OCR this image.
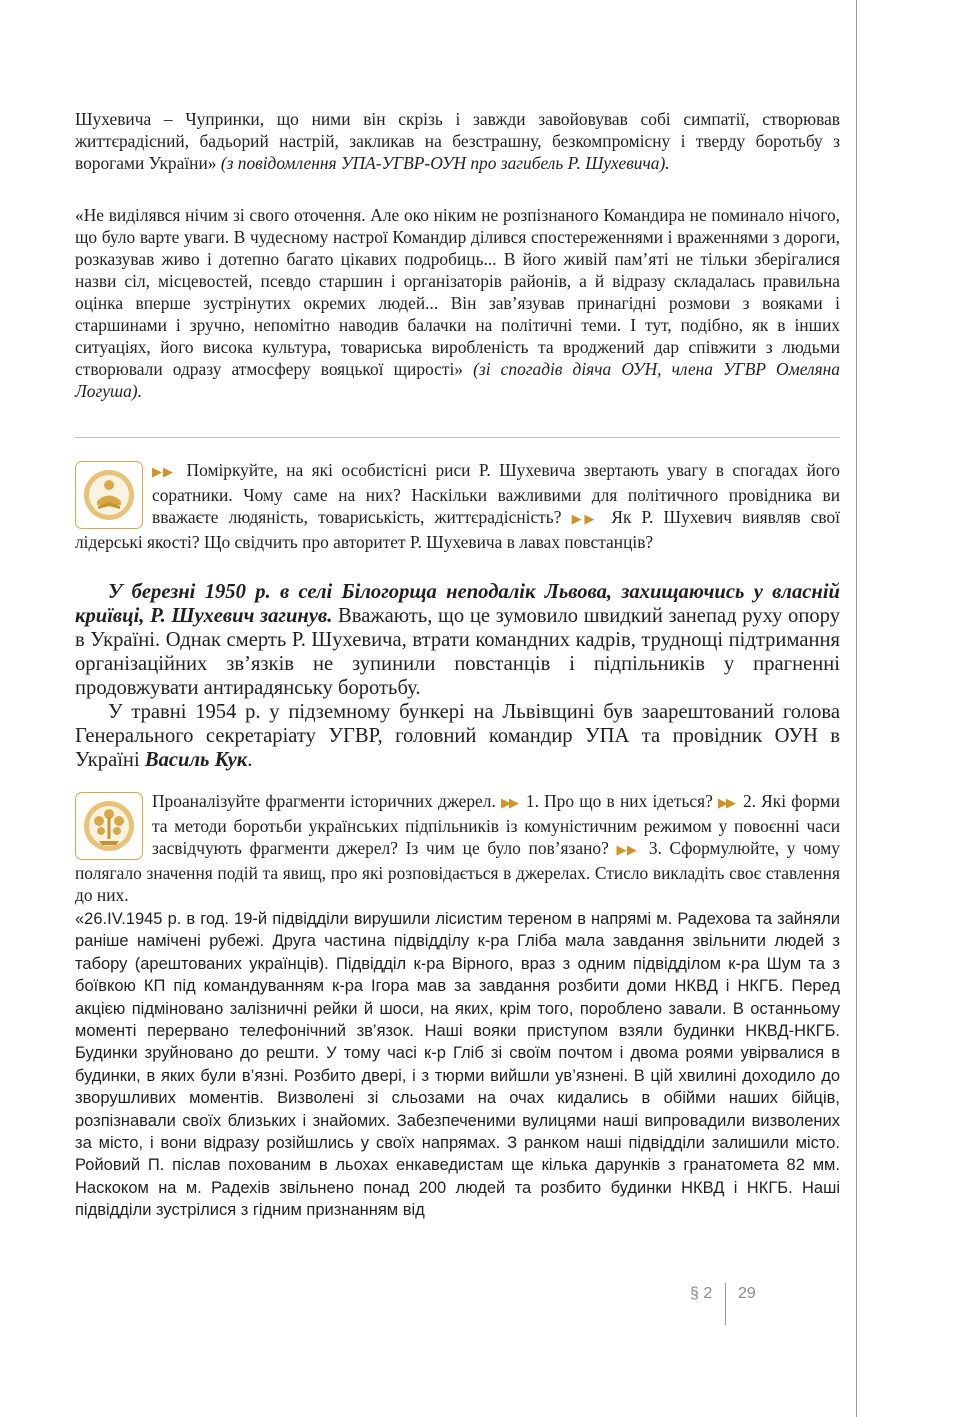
Шухевича – Чупринки, що ними він скрізь і завжди завойовував собі симпатії, створював життєрадісний, бадьорий настрій, закликав на безстрашну, безкомпромісну і тверду боротьбу з ворогами України» (з повідомлення УПА-УГВР-ОУН про загибель Р. Шухевича).
«Не виділявся нічим зі свого оточення. Але око ніким не розпізнаного Командира не поминало нічого, що було варте уваги. В чудесному настрої Командир ділився спостереженнями і враженнями з дороги, розказував живо і дотепно багато цікавих подробиць... В його живій пам’яті не тільки зберігалися назви сіл, місцевостей, псевдо старшин і організаторів районів, а й відразу складалась правильна оцінка вперше зустрінутих окремих людей... Він зав’язував принагідні розмови з вояками і старшинами і зручно, непомітно наводив балачки на політичні теми. І тут, подібно, як в інших ситуаціях, його висока культура, товариська виробленість та вроджений дар співжити з людьми створювали одразу атмосферу вояцької щирості» (зі спогадів діяча ОУН, члена УГВР Омеляна Логуша).
▶▶ Поміркуйте, на які особистісні риси Р. Шухевича звертають увагу в спогадах його соратники. Чому саме на них? Наскільки важливими для політичного провідника ви вважаєте людяність, товариськість, життєрадісність? ▶▶ Як Р. Шухевич виявляв свої лідерські якості? Що свідчить про авторитет Р. Шухевича в лавах повстанців?

У березні 1950 р. в селі Білогорща неподалік Львова, захищаючись у власній криївці, Р. Шухевич загинув. Вважають, що це зумовило швидкий занепад руху опору в Україні. Однак смерть Р. Шухевича, втрати командних кадрів, труднощі підтримання організаційних зв’язків не зупинили повстанців і підпільників у прагненні продовжувати антирадянську боротьбу.

У травні 1954 р. у підземному бункері на Львівщині був заарештований голова Генерального секретаріату УГВР, головний командир УПА та провідник ОУН в Україні Василь Кук.

Проаналізуйте фрагменти історичних джерел. ▶▶ 1. Про що в них ідеться? ▶▶ 2. Які форми та методи боротьби українських підпільників із комуністичним режимом у повоєнні часи засвідчують фрагменти джерел? Із чим це було пов’язано? ▶▶ 3. Сформулюйте, у чому полягало значення подій та явищ, про які розповідається в джерелах. Стисло викладіть своє ставлення до них.
«26.IV.1945 р. в год. 19-й підвідділи вирушили лісистим тереном в напрямі м. Радехова та зайняли раніше намічені рубежі. Друга частина підвідділу к-ра Гліба мала завдання звільнити людей з табору (арештованих українців). Підвідділ к-ра Вірного, враз з одним підвідділом к-ра Шум та з боївкою КП під командуванням к-ра Ігора мав за завдання розбити доми НКВД і НКГБ. Перед акцією підміновано залізничні рейки й шоси, на яких, крім того, пороблено завали. В останньому моменті перервано телефонічний зв’язок. Наші вояки приступом взяли будинки НКВД-НКГБ. Будинки зруйновано до решти. У тому часі к-р Гліб зі своїм почтом і двома роями увірвалися в будинки, в яких були в’язні. Розбито двері, і з тюрми вийшли ув’язнені. В цій хвилині доходило до зворушливих моментів. Визволені зі сльозами на очах кидались в обійми наших бійців, розпізнавали своїх близьких і знайомих. Забезпеченими вулицями наші випровадили визволених за місто, і вони відразу розійшлись у своїх напрямах. З ранком наші підвідділи залишили місто. Ройовий П. післав похованим в льохах енкаведистам ще кілька дарунків з гранатомета 82 мм. Наскоком на м. Радехів звільнено понад 200 людей та розбито будинки НКВД і НКГБ. Наші підвідділи зустрілися з гідним признанням від
§ 2 29
